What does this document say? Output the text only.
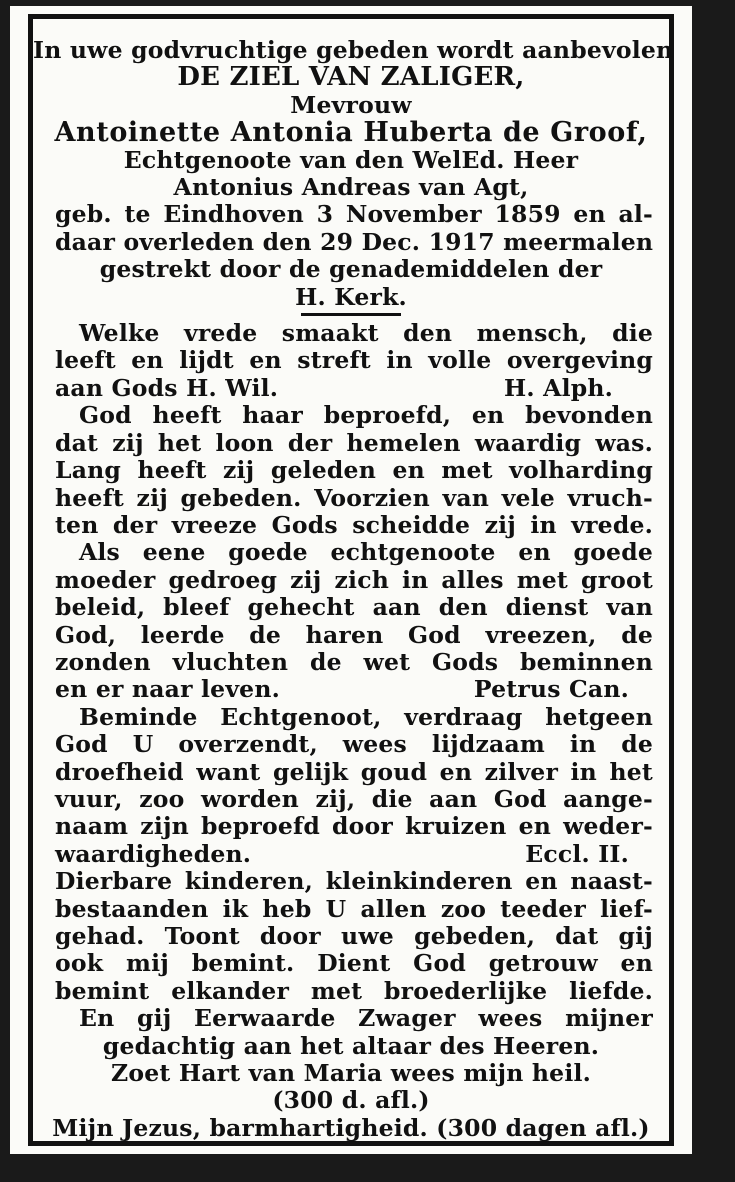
In uwe godvruchtige gebeden wordt aanbevolen

DE ZIEL VAN ZALIGER,

Mevrouw

Antoinette Antonia Huberta de Groof,

Echtgenoote van den WelEd. Heer

Antonius Andreas van Agt,

geb. te Eindhoven 3 November 1859 en al-

daar overleden den 29 Dec. 1917 meermalen

gestrekt door de genademiddelen der

H. Kerk.

Welke vrede smaakt den mensch, die

leeft en lijdt en streft in volle overgeving

aan Gods H. Wil.	H. Alph.

God heeft haar beproefd, en bevonden

dat zij het loon der hemelen waardig was.

Lang heeft zij geleden en met volharding

heeft zij gebeden. Voorzien van vele vruch-

ten der vreeze Gods scheidde zij in vrede.

Als eene goede echtgenoote en goede

moeder gedroeg zij zich in alles met groot

beleid, bleef gehecht aan den dienst van

God, leerde de haren God vreezen, de

zonden vluchten de wet Gods beminnen

en er naar leven.	Petrus Can.

Beminde Echtgenoot, verdraag hetgeen

God U overzendt, wees lijdzaam in de

droefheid want gelijk goud en zilver in het

vuur, zoo worden zij, die aan God aange-

naam zijn beproefd door kruizen en weder-

waardigheden.	Eccl. II.

Dierbare kinderen, kleinkinderen en naast-

bestaanden ik heb U allen zoo teeder lief-

gehad. Toont door uwe gebeden, dat gij

ook mij bemint. Dient God getrouw en

bemint elkander met broederlijke liefde.

En gij Eerwaarde Zwager wees mijner

gedachtig aan het altaar des Heeren.

Zoet Hart van Maria wees mijn heil.

(300 d. afl.)

Mijn Jezus, barmhartigheid. (300 dagen afl.)
